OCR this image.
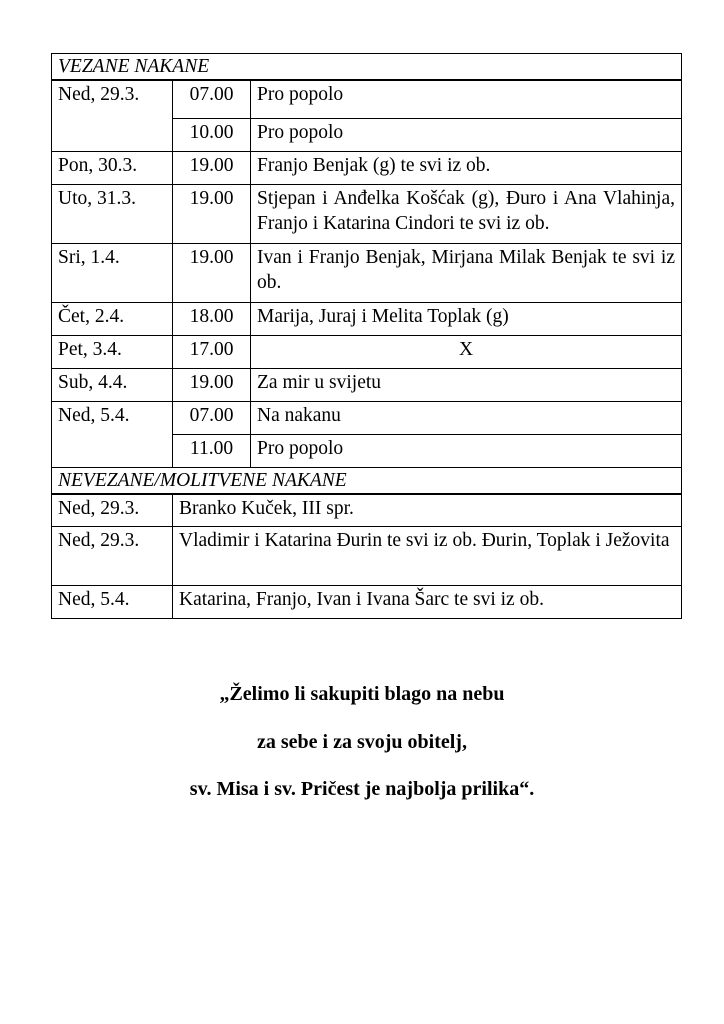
VEZANE NAKANE		
Ned, 29.3.	07.00	Pro popolo
	10.00	Pro popolo
Pon, 30.3.	19.00	Franjo Benjak (g) te svi iz ob.
Uto, 31.3.	19.00	Stjepan i Anđelka Košćak (g), Đuro i Ana Vlahinja, Franjo i Katarina Cindori te svi iz ob.
Sri, 1.4.	19.00	Ivan i Franjo Benjak, Mirjana Milak Benjak te svi iz ob.
Čet, 2.4.	18.00	Marija, Juraj i Melita Toplak (g)
Pet, 3.4.	17.00	X
Sub, 4.4.	19.00	Za mir u svijetu
Ned, 5.4.	07.00	Na nakanu
	11.00	Pro popolo
NEVEZANE/MOLITVENE NAKANE		
Ned, 29.3.	Branko Kuček, III spr.	
Ned, 29.3.	Vladimir i Katarina Đurin te svi iz ob. Đurin, Toplak i Ježovita	
Ned, 5.4.	Katarina, Franjo, Ivan i Ivana Šarc te svi iz ob.	
„Želimo li sakupiti blago na nebu
za sebe i za svoju obitelj,
sv. Misa i sv. Pričest je najbolja prilika“.
